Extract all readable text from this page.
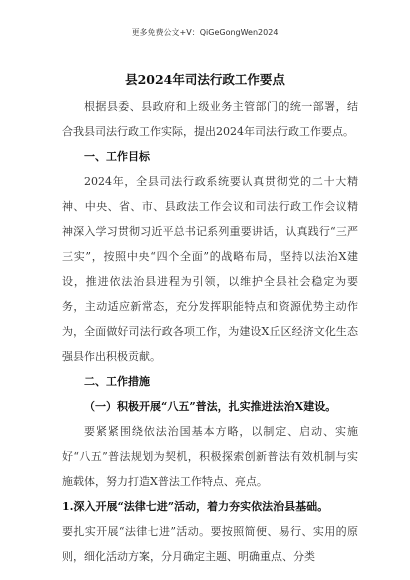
更多免费公文+V：QiGeGongWen2024
县2024年司法行政工作要点

根据县委、县政府和上级业务主管部门的统一部署，结合我县司法行政工作实际，提出2024年司法行政工作要点。

一、工作目标

2024年，全县司法行政系统要认真贯彻党的二十大精神、中央、省、市、县政法工作会议和司法行政工作会议精神深入学习贯彻习近平总书记系列重要讲话，认真践行“三严三实”，按照中央“四个全面”的战略布局，坚持以法治X建设，推进依法治县进程为引领，以维护全县社会稳定为要务，主动适应新常态，充分发挥职能特点和资源优势主动作为，全面做好司法行政各项工作，为建设X丘区经济文化生态强县作出积极贡献。

二、工作措施

（一）积极开展“八五”普法，扎实推进法治X建设。

要紧紧围绕依法治国基本方略，以制定、启动、实施好“八五”普法规划为契机，积极探索创新普法有效机制与实施载体，努力打造X普法工作特点、亮点。

1.深入开展“法律七进”活动，着力夯实依法治县基础。

要扎实开展“法律七进”活动。要按照简便、易行、实用的原则，细化活动方案，分月确定主题、明确重点、分类
